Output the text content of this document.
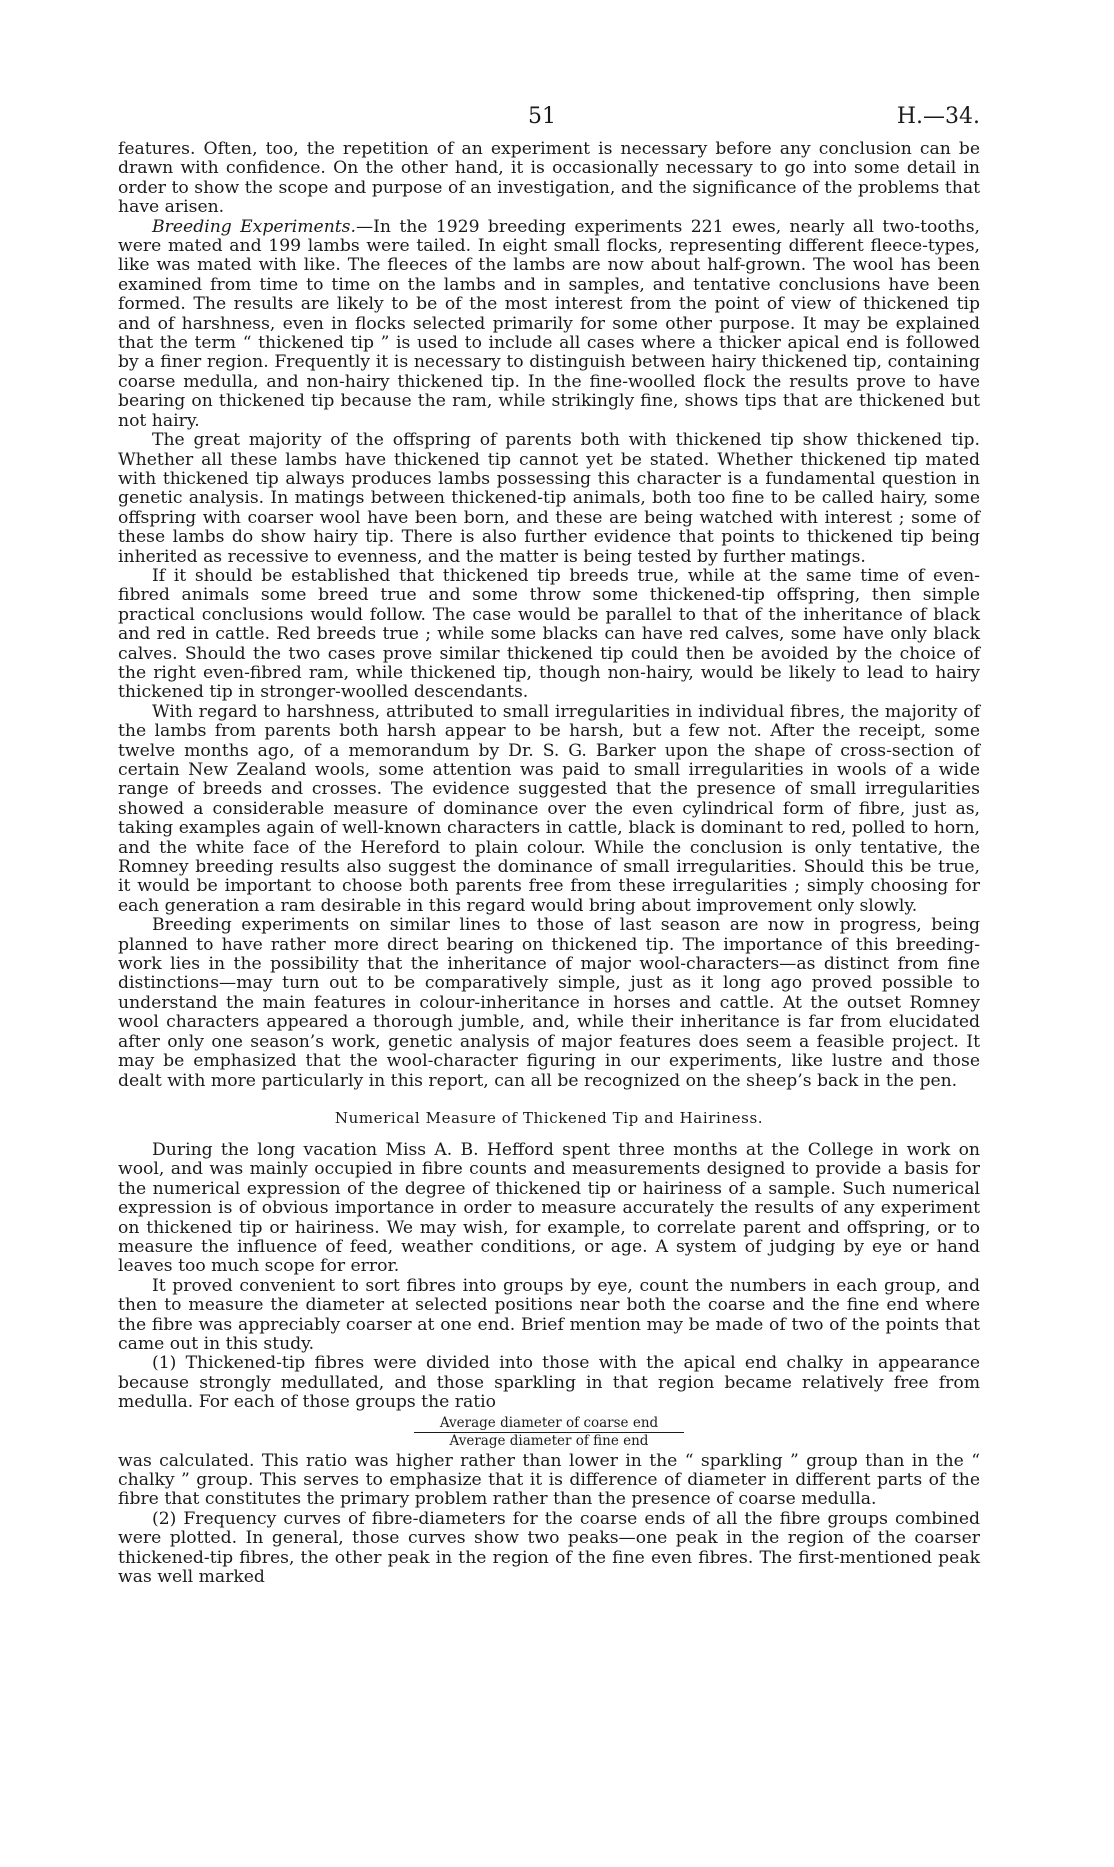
51	H.—34.

features. Often, too, the repetition of an experiment is necessary before any conclusion can be drawn with confidence. On the other hand, it is occasionally necessary to go into some detail in order to show the scope and purpose of an investigation, and the significance of the problems that have arisen.

Breeding Experiments.—In the 1929 breeding experiments 221 ewes, nearly all two-tooths, were mated and 199 lambs were tailed. In eight small flocks, representing different fleece-types, like was mated with like. The fleeces of the lambs are now about half-grown. The wool has been examined from time to time on the lambs and in samples, and tentative conclusions have been formed. The results are likely to be of the most interest from the point of view of thickened tip and of harshness, even in flocks selected primarily for some other purpose. It may be explained that the term “ thickened tip ” is used to include all cases where a thicker apical end is followed by a finer region. Frequently it is necessary to distinguish between hairy thickened tip, containing coarse medulla, and non-hairy thickened tip. In the fine-woolled flock the results prove to have bearing on thickened tip because the ram, while strikingly fine, shows tips that are thickened but not hairy.

The great majority of the offspring of parents both with thickened tip show thickened tip. Whether all these lambs have thickened tip cannot yet be stated. Whether thickened tip mated with thickened tip always produces lambs possessing this character is a fundamental question in genetic analysis. In matings between thickened-tip animals, both too fine to be called hairy, some offspring with coarser wool have been born, and these are being watched with interest ; some of these lambs do show hairy tip. There is also further evidence that points to thickened tip being inherited as recessive to evenness, and the matter is being tested by further matings.

If it should be established that thickened tip breeds true, while at the same time of even-fibred animals some breed true and some throw some thickened-tip offspring, then simple practical conclusions would follow. The case would be parallel to that of the inheritance of black and red in cattle. Red breeds true ; while some blacks can have red calves, some have only black calves. Should the two cases prove similar thickened tip could then be avoided by the choice of the right even-fibred ram, while thickened tip, though non-hairy, would be likely to lead to hairy thickened tip in stronger-woolled descendants.

With regard to harshness, attributed to small irregularities in individual fibres, the majority of the lambs from parents both harsh appear to be harsh, but a few not. After the receipt, some twelve months ago, of a memorandum by Dr. S. G. Barker upon the shape of cross-section of certain New Zealand wools, some attention was paid to small irregularities in wools of a wide range of breeds and crosses. The evidence suggested that the presence of small irregularities showed a considerable measure of dominance over the even cylindrical form of fibre, just as, taking examples again of well-known characters in cattle, black is dominant to red, polled to horn, and the white face of the Hereford to plain colour. While the conclusion is only tentative, the Romney breeding results also suggest the dominance of small irregularities. Should this be true, it would be important to choose both parents free from these irregularities ; simply choosing for each generation a ram desirable in this regard would bring about improvement only slowly.

Breeding experiments on similar lines to those of last season are now in progress, being planned to have rather more direct bearing on thickened tip. The importance of this breeding-work lies in the possibility that the inheritance of major wool-characters—as distinct from fine distinctions—may turn out to be comparatively simple, just as it long ago proved possible to understand the main features in colour-inheritance in horses and cattle. At the outset Romney wool characters appeared a thorough jumble, and, while their inheritance is far from elucidated after only one season’s work, genetic analysis of major features does seem a feasible project. It may be emphasized that the wool-character figuring in our experiments, like lustre and those dealt with more particularly in this report, can all be recognized on the sheep’s back in the pen.

Numerical Measure of Thickened Tip and Hairiness.

During the long vacation Miss A. B. Hefford spent three months at the College in work on wool, and was mainly occupied in fibre counts and measurements designed to provide a basis for the numerical expression of the degree of thickened tip or hairiness of a sample. Such numerical expression is of obvious importance in order to measure accurately the results of any experiment on thickened tip or hairiness. We may wish, for example, to correlate parent and offspring, or to measure the influence of feed, weather conditions, or age. A system of judging by eye or hand leaves too much scope for error.

It proved convenient to sort fibres into groups by eye, count the numbers in each group, and then to measure the diameter at selected positions near both the coarse and the fine end where the fibre was appreciably coarser at one end. Brief mention may be made of two of the points that came out in this study.

(1) Thickened-tip fibres were divided into those with the apical end chalky in appearance because strongly medullated, and those sparkling in that region became relatively free from medulla. For each of those groups the ratio

Average diameter of coarse end
Average diameter of fine end

was calculated. This ratio was higher rather than lower in the “ sparkling ” group than in the “ chalky ” group. This serves to emphasize that it is difference of diameter in different parts of the fibre that constitutes the primary problem rather than the presence of coarse medulla.

(2) Frequency curves of fibre-diameters for the coarse ends of all the fibre groups combined were plotted. In general, those curves show two peaks—one peak in the region of the coarser thickened-tip fibres, the other peak in the region of the fine even fibres. The first-mentioned peak was well marked
